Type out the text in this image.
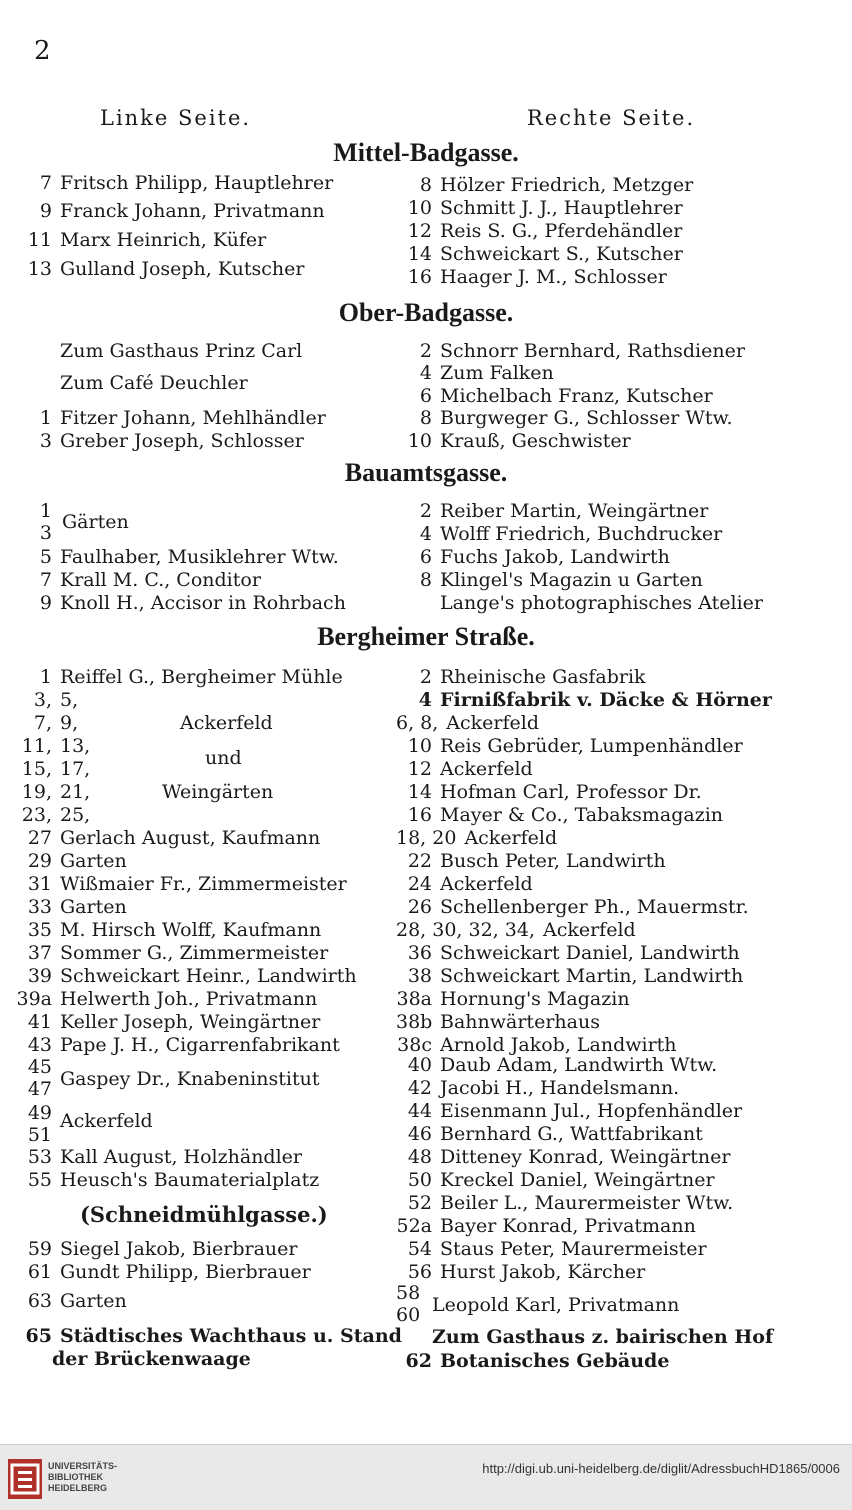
2
Linke Seite.	Rechte Seite.
Mittel-Badgasse.
7 Fritsch Philipp, Hauptlehrer
9 Franck Johann, Privatmann
11 Marx Heinrich, Küfer
13 Gulland Joseph, Kutscher
8 Hölzer Friedrich, Metzger
10 Schmitt J. J., Hauptlehrer
12 Reis S. G., Pferdehändler
14 Schweickart S., Kutscher
16 Haager J. M., Schlosser
Ober-Badgasse.
Zum Gasthaus Prinz Carl
Zum Café Deuchler
1 Fitzer Johann, Mehlhändler
3 Greber Joseph, Schlosser
2 Schnorr Bernhard, Rathsdiener
4 Zum Falken
6 Michelbach Franz, Kutscher
8 Burgweger G., Schlosser Wtw.
10 Krauß, Geschwister
Bauamtsgasse.
1
3 Gärten
5 Faulhaber, Musiklehrer Wtw.
7 Krall M. C., Conditor
9 Knoll H., Accisor in Rohrbach
2 Reiber Martin, Weingärtner
4 Wolff Friedrich, Buchdrucker
6 Fuchs Jakob, Landwirth
8 Klingel's Magazin u Garten
Lange's photographisches Atelier
Bergheimer Straße.
1 Reiffel G., Bergheimer Mühle
3, 5,
7, 9,
11, 13,
15, 17,
19, 21,
23, 25,
Ackerfeld
und
Weingärten
27 Gerlach August, Kaufmann
29 Garten
31 Wißmaier Fr., Zimmermeister
33 Garten
35 M. Hirsch Wolff, Kaufmann
37 Sommer G., Zimmermeister
39 Schweickart Heinr., Landwirth
39a Helwerth Joh., Privatmann
41 Keller Joseph, Weingärtner
43 Pape J. H., Cigarrenfabrikant
45
47 Gaspey Dr., Knabeninstitut
49
51
Ackerfeld
53 Kall August, Holzhändler
55 Heusch's Baumaterialplatz
(Schneidmühlgasse.)
59 Siegel Jakob, Bierbrauer
61 Gundt Philipp, Bierbrauer
63 Garten
65 Städtisches Wachthaus u. Stand
der Brückenwaage
2 Rheinische Gasfabrik
4 Firnißfabrik v. Däcke & Hörner
6, 8, Ackerfeld
10 Reis Gebrüder, Lumpenhändler
12 Ackerfeld
14 Hofman Carl, Professor Dr.
16 Mayer & Co., Tabaksmagazin
18, 20 Ackerfeld
22 Busch Peter, Landwirth
24 Ackerfeld
26 Schellenberger Ph., Mauermstr.
28, 30, 32, 34, Ackerfeld
36 Schweickart Daniel, Landwirth
38 Schweickart Martin, Landwirth
38a Hornung's Magazin
38b Bahnwärterhaus
38c Arnold Jakob, Landwirth
40 Daub Adam, Landwirth Wtw.
42 Jacobi H., Handelsmann.
44 Eisenmann Jul., Hopfenhändler
46 Bernhard G., Wattfabrikant
48 Ditteney Konrad, Weingärtner
50 Kreckel Daniel, Weingärtner
52 Beiler L., Maurermeister Wtw.
52a Bayer Konrad, Privatmann
54 Staus Peter, Maurermeister
56 Hurst Jakob, Kärcher
58
60 Leopold Karl, Privatmann
Zum Gasthaus z. bairischen Hof
62 Botanisches Gebäude
UNIVERSITÄTS-
BIBLIOTHEK
HEIDELBERG
http://digi.ub.uni-heidelberg.de/diglit/AdressbuchHD1865/0006
